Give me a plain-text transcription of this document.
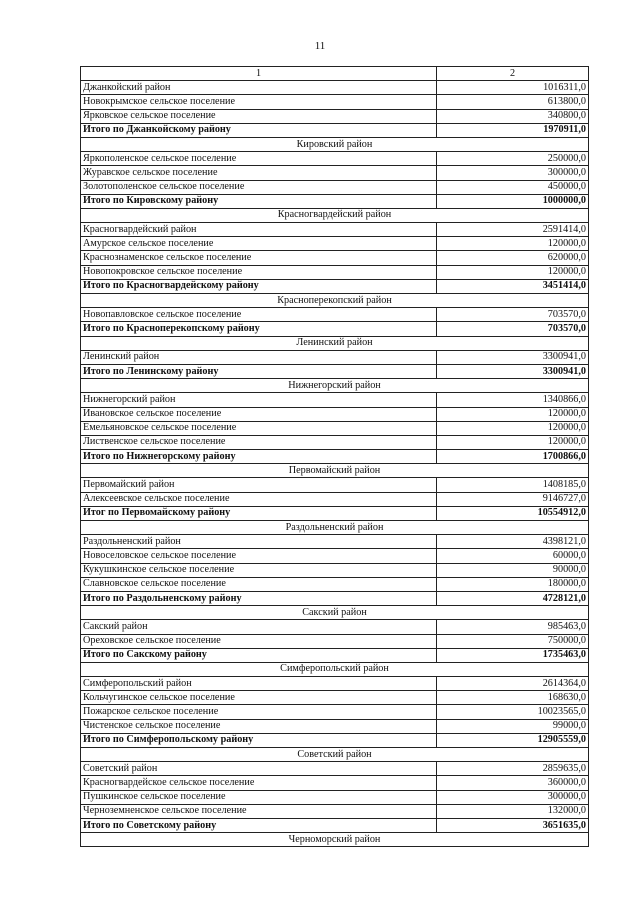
11
1	2
Джанкойский район	1016311,0
Новокрымское сельское поселение	613800,0
Ярковское сельское поселение	340800,0
Итого по Джанкойскому району	1970911,0
Кировский район	
Яркополенское сельское поселение	250000,0
Журавское сельское поселение	300000,0
Золотополенское сельское поселение	450000,0
Итого по Кировскому району	1000000,0
Красногвардейский район	
Красногвардейский район	2591414,0
Амурское сельское поселение	120000,0
Краснознаменское сельское поселение	620000,0
Новопокровское сельское поселение	120000,0
Итого по Красногвардейскому району	3451414,0
Красноперекопский район	
Новопавловское сельское поселение	703570,0
Итого по Красноперекопскому району	703570,0
Ленинский район	
Ленинский район	3300941,0
Итого по Ленинскому району	3300941,0
Нижнегорский район	
Нижнегорский район	1340866,0
Ивановское сельское поселение	120000,0
Емельяновское сельское поселение	120000,0
Лиственское сельское поселение	120000,0
Итого по Нижнегорскому району	1700866,0
Первомайский район	
Первомайский район	1408185,0
Алексеевское сельское поселение	9146727,0
Итог по Первомайскому району	10554912,0
Раздольненский район	
Раздольненский район	4398121,0
Новоселовское сельское поселение	60000,0
Кукушкинское сельское поселение	90000,0
Славновское сельское поселение	180000,0
Итого по Раздольненскому району	4728121,0
Сакский район	
Сакский район	985463,0
Ореховское сельское поселение	750000,0
Итого по Сакскому району	1735463,0
Симферопольский район	
Симферопольский район	2614364,0
Кольчугинское сельское поселение	168630,0
Пожарское сельское поселение	10023565,0
Чистенское сельское поселение	99000,0
Итого по Симферопольскому району	12905559,0
Советский район	
Советский район	2859635,0
Красногвардейское сельское поселение	360000,0
Пушкинское сельское поселение	300000,0
Черноземненское сельское поселение	132000,0
Итого по Советскому району	3651635,0
Черноморский район	
